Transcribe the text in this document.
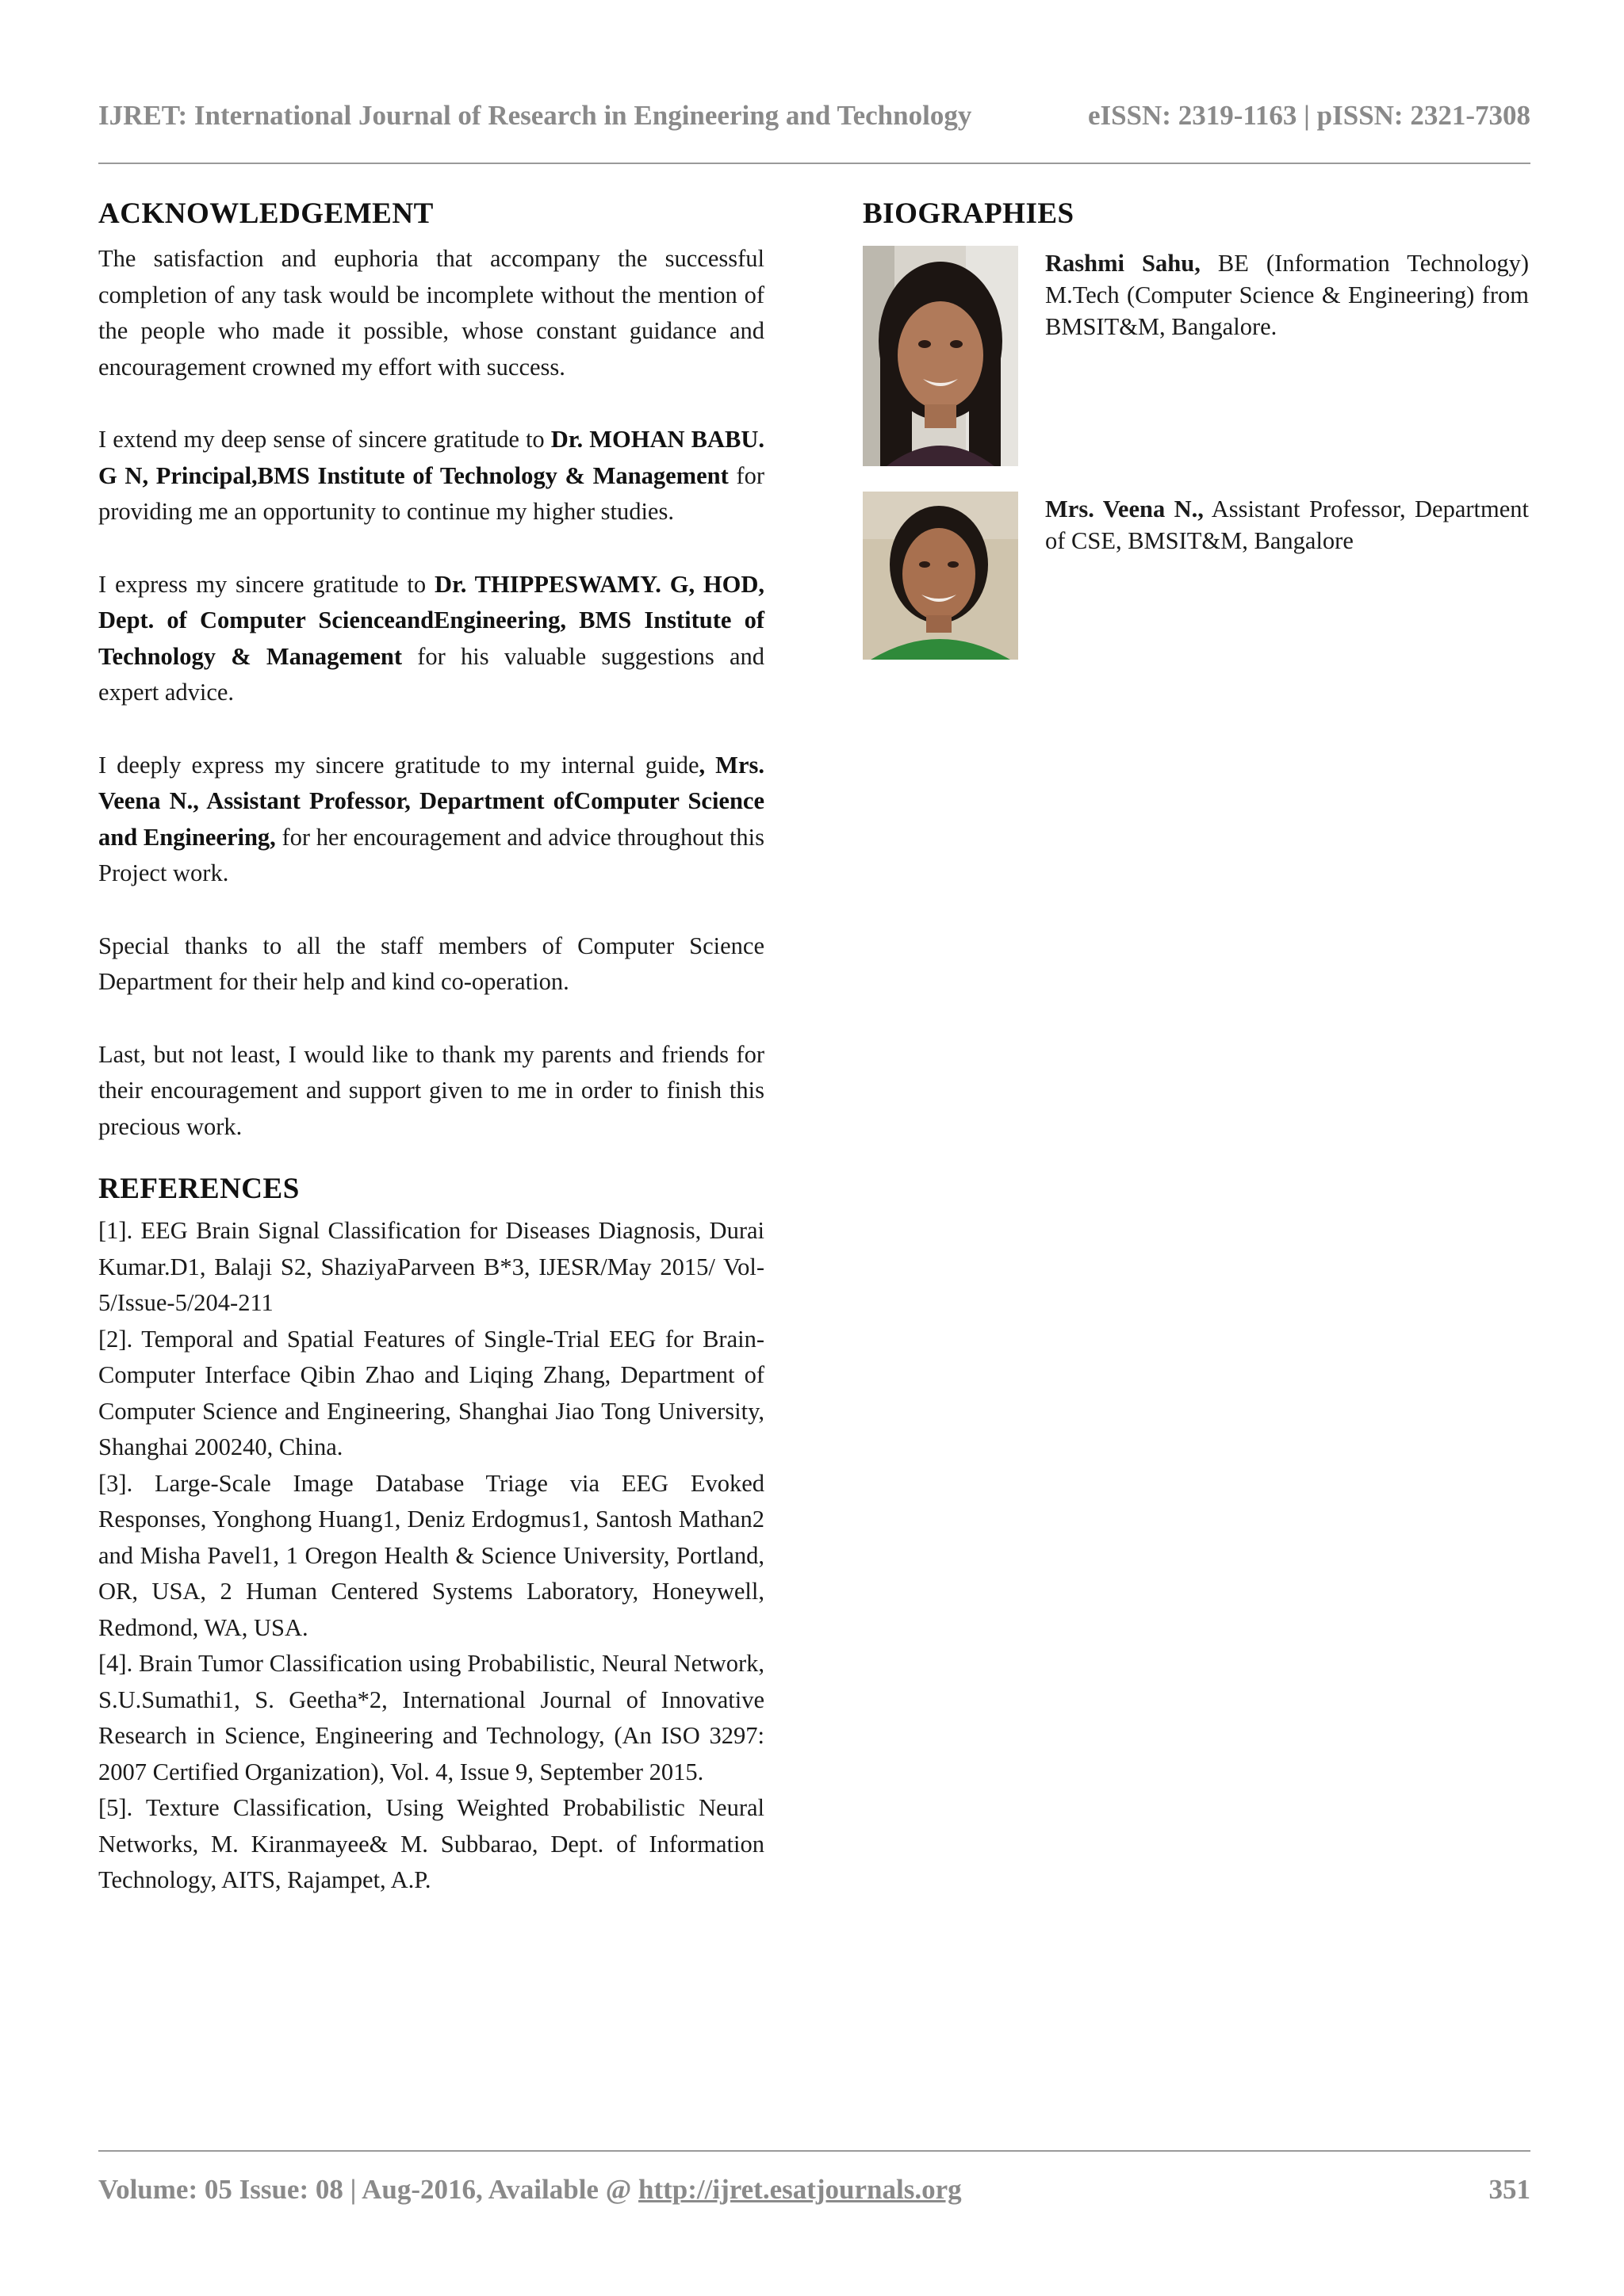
IJRET: International Journal of Research in Engineering and Technology	eISSN: 2319-1163 | pISSN: 2321-7308
ACKNOWLEDGEMENT

The satisfaction and euphoria that accompany the successful completion of any task would be incomplete without the mention of the people who made it possible, whose constant guidance and encouragement crowned my effort with success.

I extend my deep sense of sincere gratitude to Dr. MOHAN BABU. G N, Principal,BMS Institute of Technology & Management for providing me an opportunity to continue my higher studies.

I express my sincere gratitude to Dr. THIPPESWAMY. G, HOD, Dept. of Computer ScienceandEngineering, BMS Institute of Technology & Management for his valuable suggestions and expert advice.

I deeply express my sincere gratitude to my internal guide, Mrs. Veena N., Assistant Professor, Department ofComputer Science and Engineering, for her encouragement and advice throughout this Project work.

Special thanks to all the staff members of Computer Science Department for their help and kind co-operation.

Last, but not least, I would like to thank my parents and friends for their encouragement and support given to me in order to finish this precious work.

REFERENCES

[1]. EEG Brain Signal Classification for Diseases Diagnosis, Durai Kumar.D1, Balaji S2, ShaziyaParveen B*3, IJESR/May 2015/ Vol-5/Issue-5/204-211

[2]. Temporal and Spatial Features of Single-Trial EEG for Brain-Computer Interface Qibin Zhao and Liqing Zhang, Department of Computer Science and Engineering, Shanghai Jiao Tong University, Shanghai 200240, China.

[3]. Large-Scale Image Database Triage via EEG Evoked Responses, Yonghong Huang1, Deniz Erdogmus1, Santosh Mathan2 and Misha Pavel1, 1 Oregon Health & Science University, Portland, OR, USA, 2 Human Centered Systems Laboratory, Honeywell, Redmond, WA, USA.

[4]. Brain Tumor Classification using Probabilistic, Neural Network, S.U.Sumathi1, S. Geetha*2, International Journal of Innovative Research in Science, Engineering and Technology, (An ISO 3297: 2007 Certified Organization), Vol. 4, Issue 9, September 2015.

[5]. Texture Classification, Using Weighted Probabilistic Neural Networks, M. Kiranmayee& M. Subbarao, Dept. of Information Technology, AITS, Rajampet, A.P.

BIOGRAPHIES
Rashmi Sahu, BE (Information Technology) M.Tech (Computer Science & Engineering) from BMSIT&M, Bangalore.
Mrs. Veena N., Assistant Professor, Department of CSE, BMSIT&M, Bangalore
Volume: 05 Issue: 08 | Aug-2016, Available @ http://ijret.esatjournals.org	351
